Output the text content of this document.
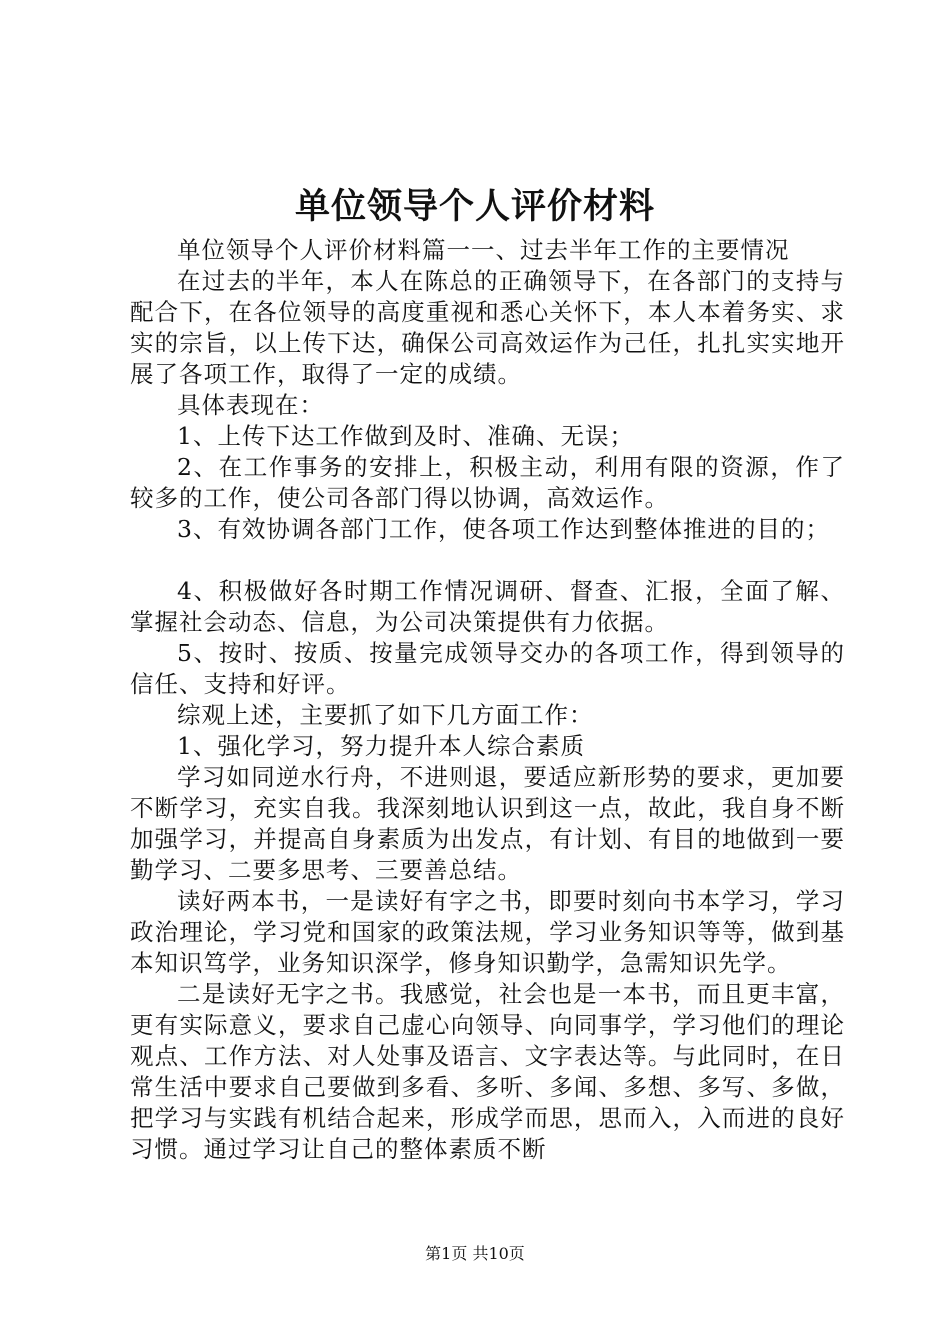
单位领导个人评价材料

单位领导个人评价材料篇一一、过去半年工作的主要情况

在过去的半年，本人在陈总的正确领导下，在各部门的支持与配合下，在各位领导的高度重视和悉心关怀下，本人本着务实、求实的宗旨，以上传下达，确保公司高效运作为己任，扎扎实实地开展了各项工作，取得了一定的成绩。

具体表现在：

1、上传下达工作做到及时、准确、无误；

2、在工作事务的安排上，积极主动，利用有限的资源，作了较多的工作，使公司各部门得以协调，高效运作。

3、有效协调各部门工作，使各项工作达到整体推进的目的；

4、积极做好各时期工作情况调研、督查、汇报，全面了解、掌握社会动态、信息，为公司决策提供有力依据。

5、按时、按质、按量完成领导交办的各项工作，得到领导的信任、支持和好评。

综观上述，主要抓了如下几方面工作：

1、强化学习，努力提升本人综合素质

学习如同逆水行舟，不进则退，要适应新形势的要求，更加要不断学习，充实自我。我深刻地认识到这一点，故此，我自身不断加强学习，并提高自身素质为出发点，有计划、有目的地做到一要勤学习、二要多思考、三要善总结。

读好两本书，一是读好有字之书，即要时刻向书本学习，学习政治理论，学习党和国家的政策法规，学习业务知识等等，做到基本知识笃学，业务知识深学，修身知识勤学，急需知识先学。

二是读好无字之书。我感觉，社会也是一本书，而且更丰富，更有实际意义，要求自己虚心向领导、向同事学，学习他们的理论观点、工作方法、对人处事及语言、文字表达等。与此同时，在日常生活中要求自己要做到多看、多听、多闻、多想、多写、多做，把学习与实践有机结合起来，形成学而思，思而入，入而进的良好习惯。通过学习让自己的整体素质不断

第1页 共10页
